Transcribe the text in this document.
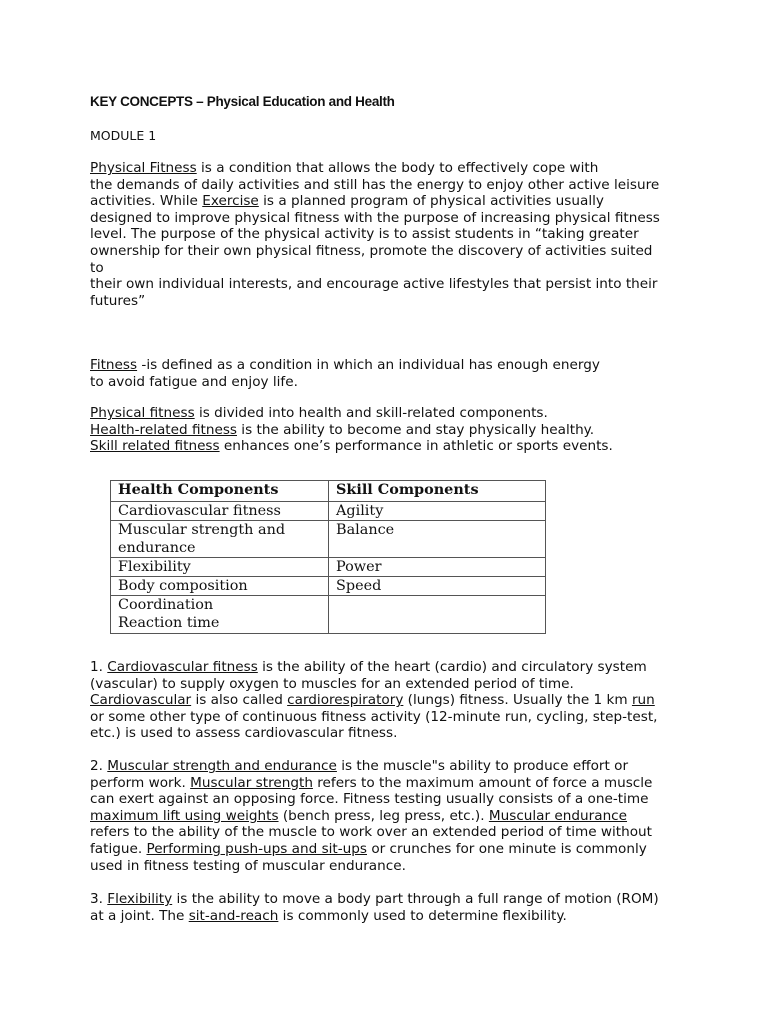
KEY CONCEPTS – Physical Education and Health
MODULE 1

Physical Fitness is a condition that allows the body to effectively cope with

the demands of daily activities and still has the energy to enjoy other active leisure

activities. While Exercise is a planned program of physical activities usually

designed to improve physical fitness with the purpose of increasing physical fitness

level. The purpose of the physical activity is to assist students in “taking greater

ownership for their own physical fitness, promote the discovery of activities suited

to

their own individual interests, and encourage active lifestyles that persist into their

futures”

Fitness -is defined as a condition in which an individual has enough energy

to avoid fatigue and enjoy life.

Physical fitness is divided into health and skill-related components.

Health-related fitness is the ability to become and stay physically healthy.

Skill related fitness enhances one’s performance in athletic or sports events.

Health Components	Skill Components
Cardiovascular fitness	Agility
Muscular strength and
endurance	Balance
Flexibility	Power
Body composition	Speed
Coordination
Reaction time	

1. Cardiovascular fitness is the ability of the heart (cardio) and circulatory system

(vascular) to supply oxygen to muscles for an extended period of time.

Cardiovascular is also called cardiorespiratory (lungs) fitness. Usually the 1 km run

or some other type of continuous fitness activity (12-minute run, cycling, step-test,

etc.) is used to assess cardiovascular fitness.

2. Muscular strength and endurance is the muscle"s ability to produce effort or

perform work. Muscular strength refers to the maximum amount of force a muscle

can exert against an opposing force. Fitness testing usually consists of a one-time

maximum lift using weights (bench press, leg press, etc.). Muscular endurance

refers to the ability of the muscle to work over an extended period of time without

fatigue. Performing push-ups and sit-ups or crunches for one minute is commonly

used in fitness testing of muscular endurance.

3. Flexibility is the ability to move a body part through a full range of motion (ROM)

at a joint. The sit-and-reach is commonly used to determine flexibility.
